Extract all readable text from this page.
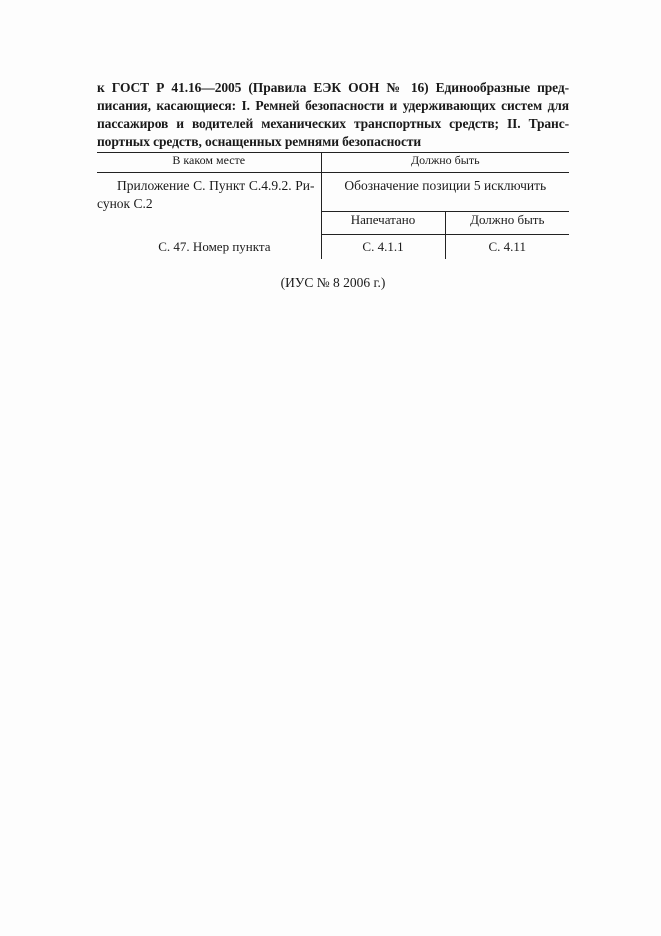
к ГОСТ Р 41.16—2005 (Правила ЕЭК ООН № 16) Единообразные пред-
писания, касающиеся: I. Ремней безопасности и удерживающих систем для
пассажиров и водителей механических транспортных средств; II. Транс-
портных средств, оснащенных ремнями безопасности
В каком месте	Должно быть	

Приложение С. Пункт С.4.9.2. Ри-
сунок С.2	Обозначение позиции 5 исключить	
	Напечатано	Должно быть
С. 47. Номер пункта	С. 4.1.1	С. 4.11
(ИУС № 8 2006 г.)
